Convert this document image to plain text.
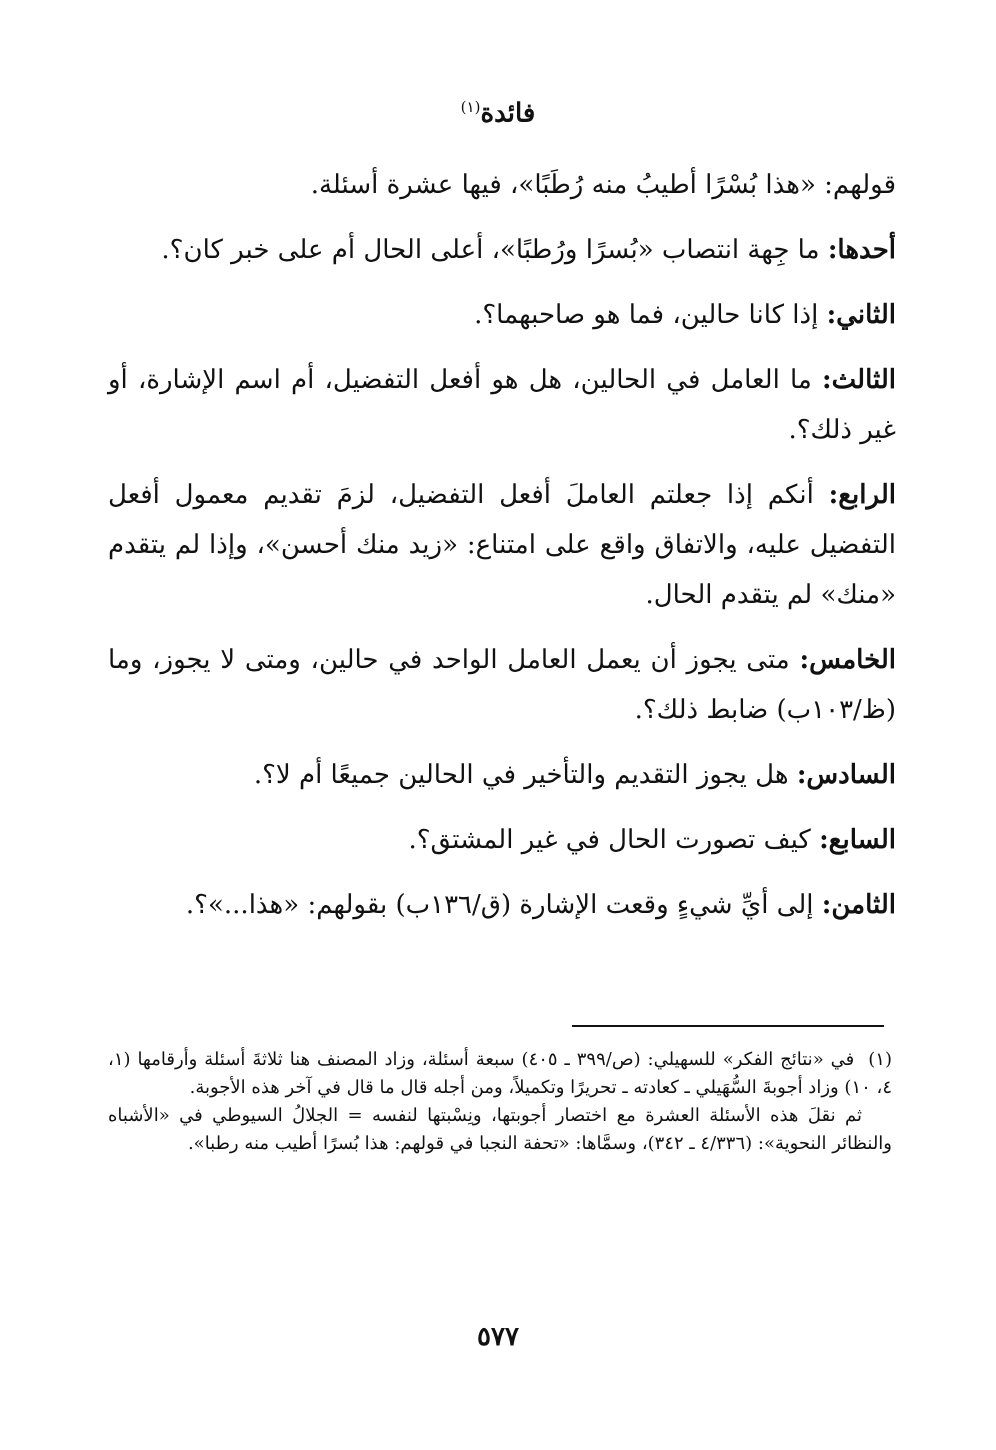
فائدة$^{(١)}$

قولهم: «هذا بُسْرًا أطيبُ منه رُطَبًا»، فيها عشرة أسئلة.

أحدها: ما جِهة انتصاب «بُسرًا ورُطبًا»، أعلى الحال أم على خبر كان؟.

الثاني: إذا كانا حالين، فما هو صاحبهما؟.

الثالث: ما العامل في الحالين، هل هو أفعل التفضيل، أم اسم الإشارة، أو غير ذلك؟.

الرابع: أنكم إذا جعلتم العاملَ أفعل التفضيل، لزمَ تقديم معمول أفعل التفضيل عليه، والاتفاق واقع على امتناع: «زيد منك أحسن»، وإذا لم يتقدم «منك» لم يتقدم الحال.

الخامس: متى يجوز أن يعمل العامل الواحد في حالين، ومتى لا يجوز، وما (ظ/١٠٣ب) ضابط ذلك؟.

السادس: هل يجوز التقديم والتأخير في الحالين جميعًا أم لا؟.

السابع: كيف تصورت الحال في غير المشتق؟.

الثامن: إلى أيِّ شيءٍ وقعت الإشارة (ق/١٣٦ب) بقولهم: «هذا...»؟.

(١)في «نتائج الفكر» للسهيلي: (ص/٣٩٩ ـ ٤٠٥) سبعة أسئلة، وزاد المصنف هنا ثلاثةَ أسئلة وأرقامها (١، ٤، ١٠) وزاد أجوبةَ السُّهَيلي ـ كعادته ـ تحريرًا وتكميلاً، ومن أجله قال ما قال في آخر هذه الأجوبة.

ثم نقلَ هذه الأسئلة العشرة مع اختصار أجوبتها، ونِسْبتها لنفسه = الجلالُ السيوطي في «الأشباه والنظائر النحوية»: (٤/٣٣٦ ـ ٣٤٢)، وسمَّاها: «تحفة النجبا في قولهم: هذا بُسرًا أطيب منه رطبا».

٥٧٧
